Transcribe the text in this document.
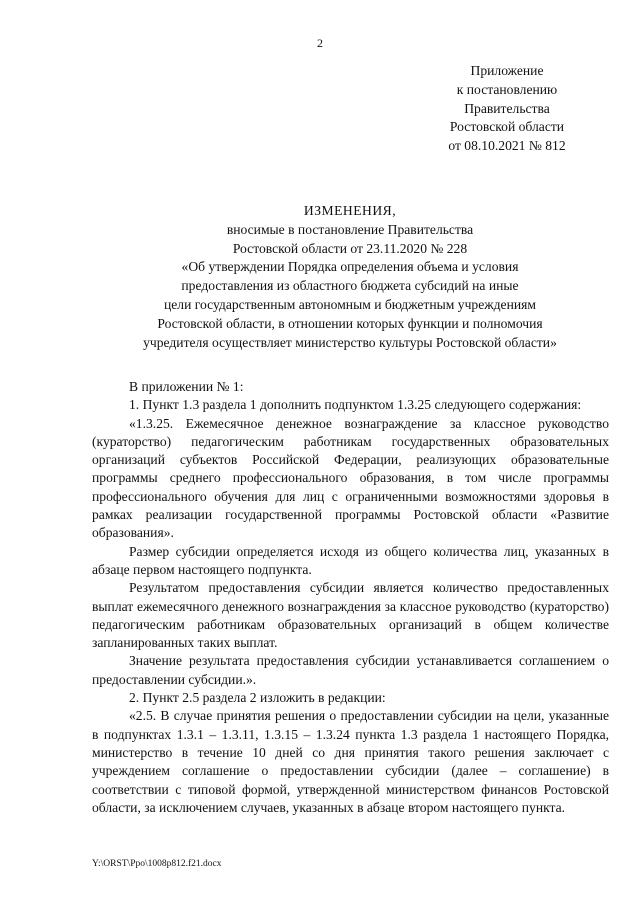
2
Приложение
к постановлению
Правительства
Ростовской области
от 08.10.2021 № 812
ИЗМЕНЕНИЯ,
вносимые в постановление Правительства
Ростовской области от 23.11.2020 № 228
«Об утверждении Порядка определения объема и условия
предоставления из областного бюджета субсидий на иные
цели государственным автономным и бюджетным учреждениям
Ростовской области, в отношении которых функции и полномочия
учредителя осуществляет министерство культуры Ростовской области»

В приложении № 1:

1. Пункт 1.3 раздела 1 дополнить подпунктом 1.3.25 следующего содержания:

«1.3.25. Ежемесячное денежное вознаграждение за классное руководство (кураторство) педагогическим работникам государственных образовательных организаций субъектов Российской Федерации, реализующих образовательные программы среднего профессионального образования, в том числе программы профессионального обучения для лиц с ограниченными возможностями здоровья в рамках реализации государственной программы Ростовской области «Развитие образования».

Размер субсидии определяется исходя из общего количества лиц, указанных в абзаце первом настоящего подпункта.

Результатом предоставления субсидии является количество предоставленных выплат ежемесячного денежного вознаграждения за классное руководство (кураторство) педагогическим работникам образовательных организаций в общем количестве запланированных таких выплат.

Значение результата предоставления субсидии устанавливается соглашением о предоставлении субсидии.».

2. Пункт 2.5 раздела 2 изложить в редакции:

«2.5. В случае принятия решения о предоставлении субсидии на цели, указанные в подпунктах 1.3.1 – 1.3.11, 1.3.15 – 1.3.24 пункта 1.3 раздела 1 настоящего Порядка, министерство в течение 10 дней со дня принятия такого решения заключает с учреждением соглашение о предоставлении субсидии (далее – соглашение) в соответствии с типовой формой, утвержденной министерством финансов Ростовской области, за исключением случаев, указанных в абзаце втором настоящего пункта.

Y:\ORST\Ppo\1008p812.f21.docx
